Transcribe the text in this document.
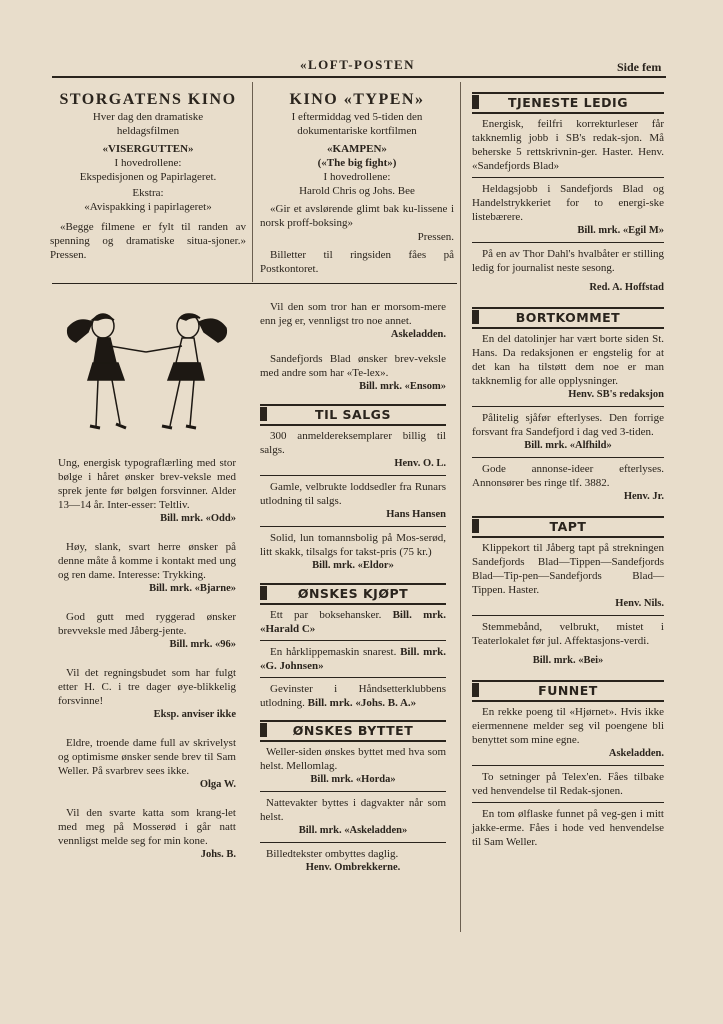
«LOFT-POSTEN	Side fem
STORGATENS KINO
Hver dag den dramatiske
heldagsfilmen
«VISERGUTTEN»
I hovedrollene:
Ekspedisjonen og Papirlageret.
Ekstra:
«Avispakking i papirlageret»
«Begge filmene er fylt til randen av spenning og dramatiske situa-sjoner.» Pressen.
KINO «TYPEN»
I eftermiddag ved 5-tiden den
dokumentariske kortfilmen
«KAMPEN»
(«The big fight»)
I hovedrollene:
Harold Chris og Johs. Bee
«Gir et avslørende glimt bak ku-lissene i norsk proff-boksing»
Pressen.
Billetter til ringsiden fåes på Postkontoret.

Ung, energisk typograflærling med stor bølge i håret ønsker brev-veksle med sprek jente før bølgen forsvinner. Alder 13—14 år. Inter-esser: Teltliv.

Bill. mrk. «Odd»

Høy, slank, svart herre ønsker på denne måte å komme i kontakt med ung og ren dame. Interesse: Trykking.

Bill. mrk. «Bjarne»

God gutt med ryggerad ønsker brevveksle med Jåberg-jente.

Bill. mrk. «96»

Vil det regningsbudet som har fulgt etter H. C. i tre dager øye-blikkelig forsvinne!

Eksp. anviser ikke

Eldre, troende dame full av skrivelyst og optimisme ønsker sende brev til Sam Weller. På svarbrev sees ikke.

Olga W.

Vil den svarte katta som krang-let med meg på Mosserød i går natt vennligst melde seg for min kone.

Johs. B.

Vil den som tror han er morsom-mere enn jeg er, vennligst tro noe annet.

Askeladden.

Sandefjords Blad ønsker brev-veksle med andre som har «Te-lex».

Bill. mrk. «Ensom»
TIL SALGS

300 anmeldereksemplarer billig til salgs.

Henv. O. L.

Gamle, velbrukte loddsedler fra Runars utlodning til salgs.

Hans Hansen

Solid, lun tomannsbolig på Mos-serød, litt skakk, tilsalgs for takst-pris (75 kr.)

Bill. mrk. «Eldor»
ØNSKES KJØPT

Ett par boksehansker. Bill. mrk. «Harald C»

En hårklippemaskin snarest. Bill. mrk. «G. Johnsen»

Gevinster i Håndsetterklubbens utlodning. Bill. mrk. «Johs. B. A.»

ØNSKES BYTTET

Weller-siden ønskes byttet med hva som helst. Mellomlag.

Bill. mrk. «Horda»

Nattevakter byttes i dagvakter når som helst.

Bill. mrk. «Askeladden»

Billedtekster ombyttes daglig.

Henv. Ombrekkerne.
TJENESTE LEDIG

Energisk, feilfri korrekturleser får takknemlig jobb i SB's redak-sjon. Må beherske 5 rettskrivnin-ger. Haster. Henv. «Sandefjords Blad»

Heldagsjobb i Sandefjords Blad og Handelstrykkeriet for to energi-ske listebærere.

Bill. mrk. «Egil M»

På en av Thor Dahl's hvalbåter er stilling ledig for journalist neste sesong.

Red. A. Hoffstad
BORTKOMMET

En del datolinjer har vært borte siden St. Hans. Da redaksjonen er engstelig for at det kan ha tilstøtt dem noe er man takknemlig for alle opplysninger.

Henv. SB's redaksjon

Pålitelig sjåfør efterlyses. Den forrige forsvant fra Sandefjord i dag ved 3-tiden.

Bill. mrk. «Alfhild»

Gode annonse-ideer efterlyses. Annonsører bes ringe tlf. 3882.

Henv. Jr.
TAPT

Klippekort til Jåberg tapt på strekningen Sandefjords Blad—Tippen—Sandefjords Blad—Tip-pen—Sandefjords Blad—Tippen. Haster.

Henv. Nils.

Stemmebånd, velbrukt, mistet i Teaterlokalet før jul. Affektasjons-verdi.

Bill. mrk. «Bei»
FUNNET

En rekke poeng til «Hjørnet». Hvis ikke eiermennene melder seg vil poengene bli benyttet som mine egne.

Askeladden.

To setninger på Telex'en. Fåes tilbake ved henvendelse til Redak-sjonen.

En tom ølflaske funnet på veg-gen i mitt jakke-erme. Fåes i hode ved henvendelse til Sam Weller.
